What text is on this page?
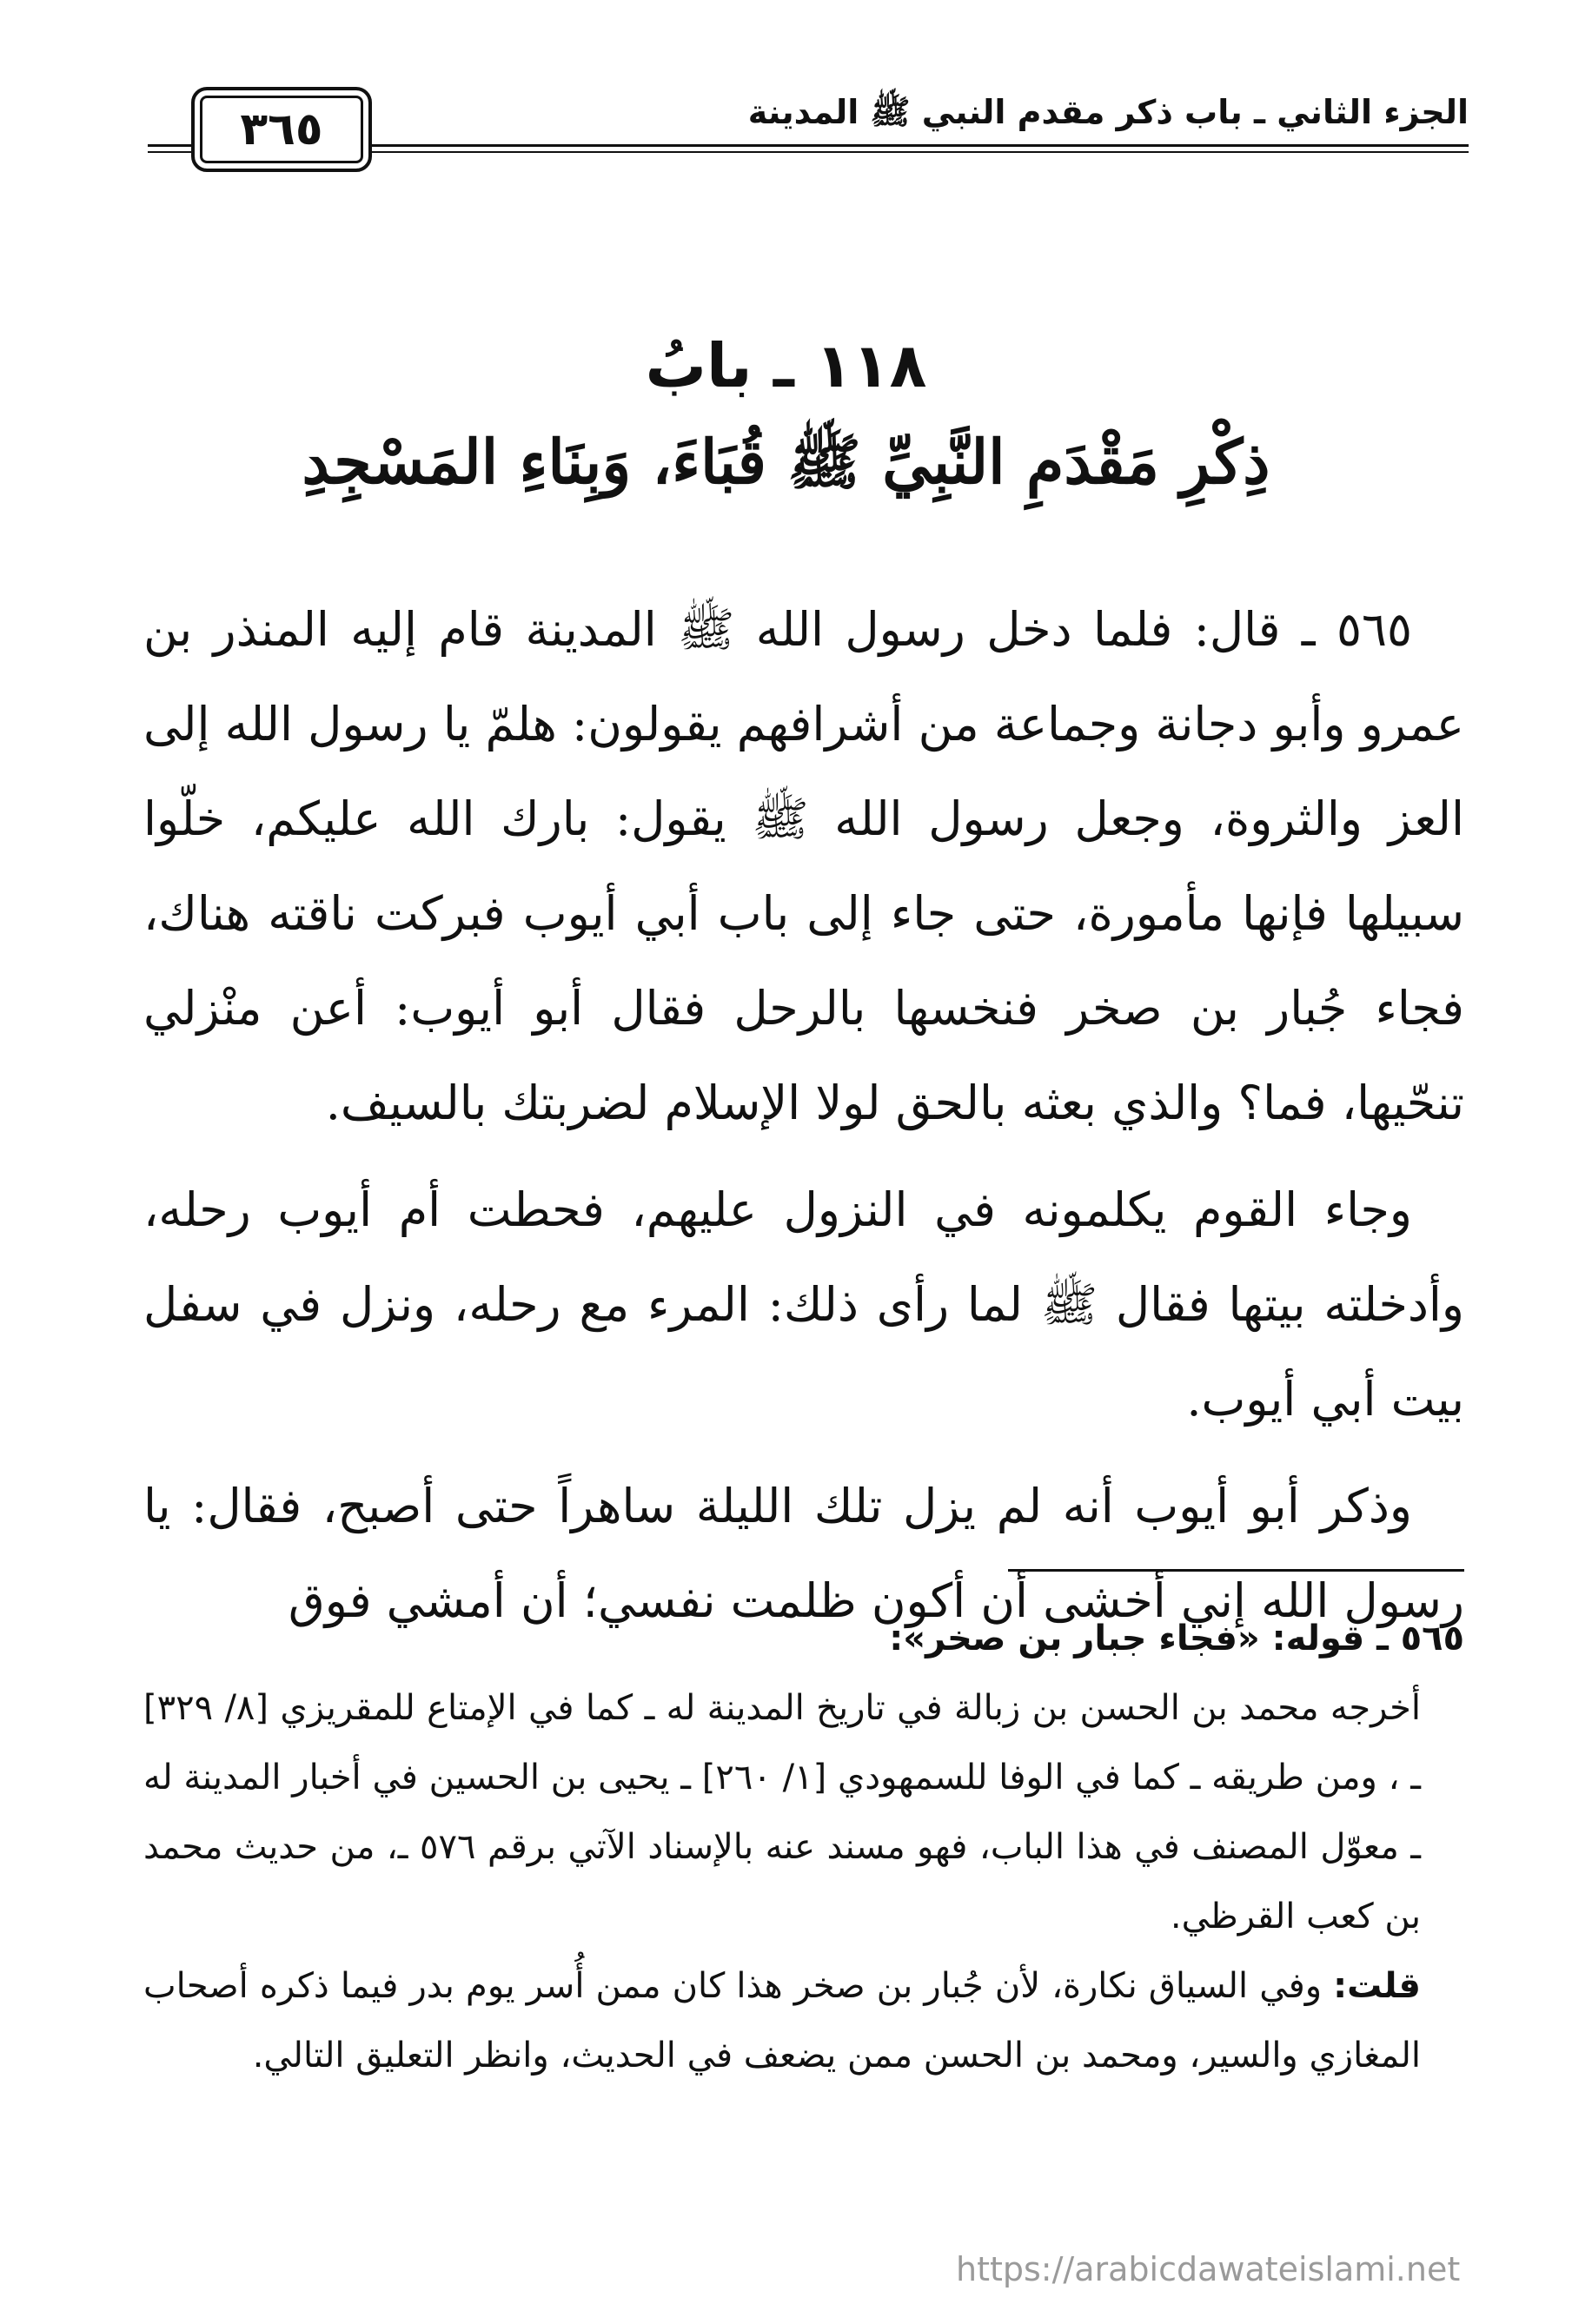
الجزء الثاني ـ باب ذكر مقدم النبي ﷺ المدينة
٣٦٥
١١٨ ـ بابُ
ذِكْرِ مَقْدَمِ النَّبِيِّ ﷺ قُبَاءَ، وَبِنَاءِ المَسْجِدِ

٥٦٥ ـ قال: فلما دخل رسول الله ﷺ المدينة قام إليه المنذر بن عمرو وأبو دجانة وجماعة من أشرافهم يقولون: هلمّ يا رسول الله إلى العز والثروة، وجعل رسول الله ﷺ يقول: بارك الله عليكم، خلّوا سبيلها فإنها مأمورة، حتى جاء إلى باب أبي أيوب فبركت ناقته هناك، فجاء جُبار بن صخر فنخسها بالرحل فقال أبو أيوب: أعن منْزلي تنحّيها، فما؟ والذي بعثه بالحق لولا الإسلام لضربتك بالسيف.

وجاء القوم يكلمونه في النزول عليهم، فحطت أم أيوب رحله، وأدخلته بيتها فقال ﷺ لما رأى ذلك: المرء مع رحله، ونزل في سفل بيت أبي أيوب.

وذكر أبو أيوب أنه لم يزل تلك الليلة ساهراً حتى أصبح، فقال: يا رسول الله إني أخشى أن أكون ظلمت نفسي؛ أن أمشي فوق

٥٦٥ ـ قوله: «فجاء جبار بن صخر»:

أخرجه محمد بن الحسن بن زبالة في تاريخ المدينة له ـ كما في الإمتاع للمقريزي [٨/ ٣٢٩] ـ ، ومن طريقه ـ كما في الوفا للسمهودي [١/ ٢٦٠] ـ يحيى بن الحسين في أخبار المدينة له ـ معوّل المصنف في هذا الباب، فهو مسند عنه بالإسناد الآتي برقم ٥٧٦ ـ، من حديث محمد بن كعب القرظي.

قلت: وفي السياق نكارة، لأن جُبار بن صخر هذا كان ممن أُسر يوم بدر فيما ذكره أصحاب المغازي والسير، ومحمد بن الحسن ممن يضعف في الحديث، وانظر التعليق التالي.

https://arabicdawateislami.net
